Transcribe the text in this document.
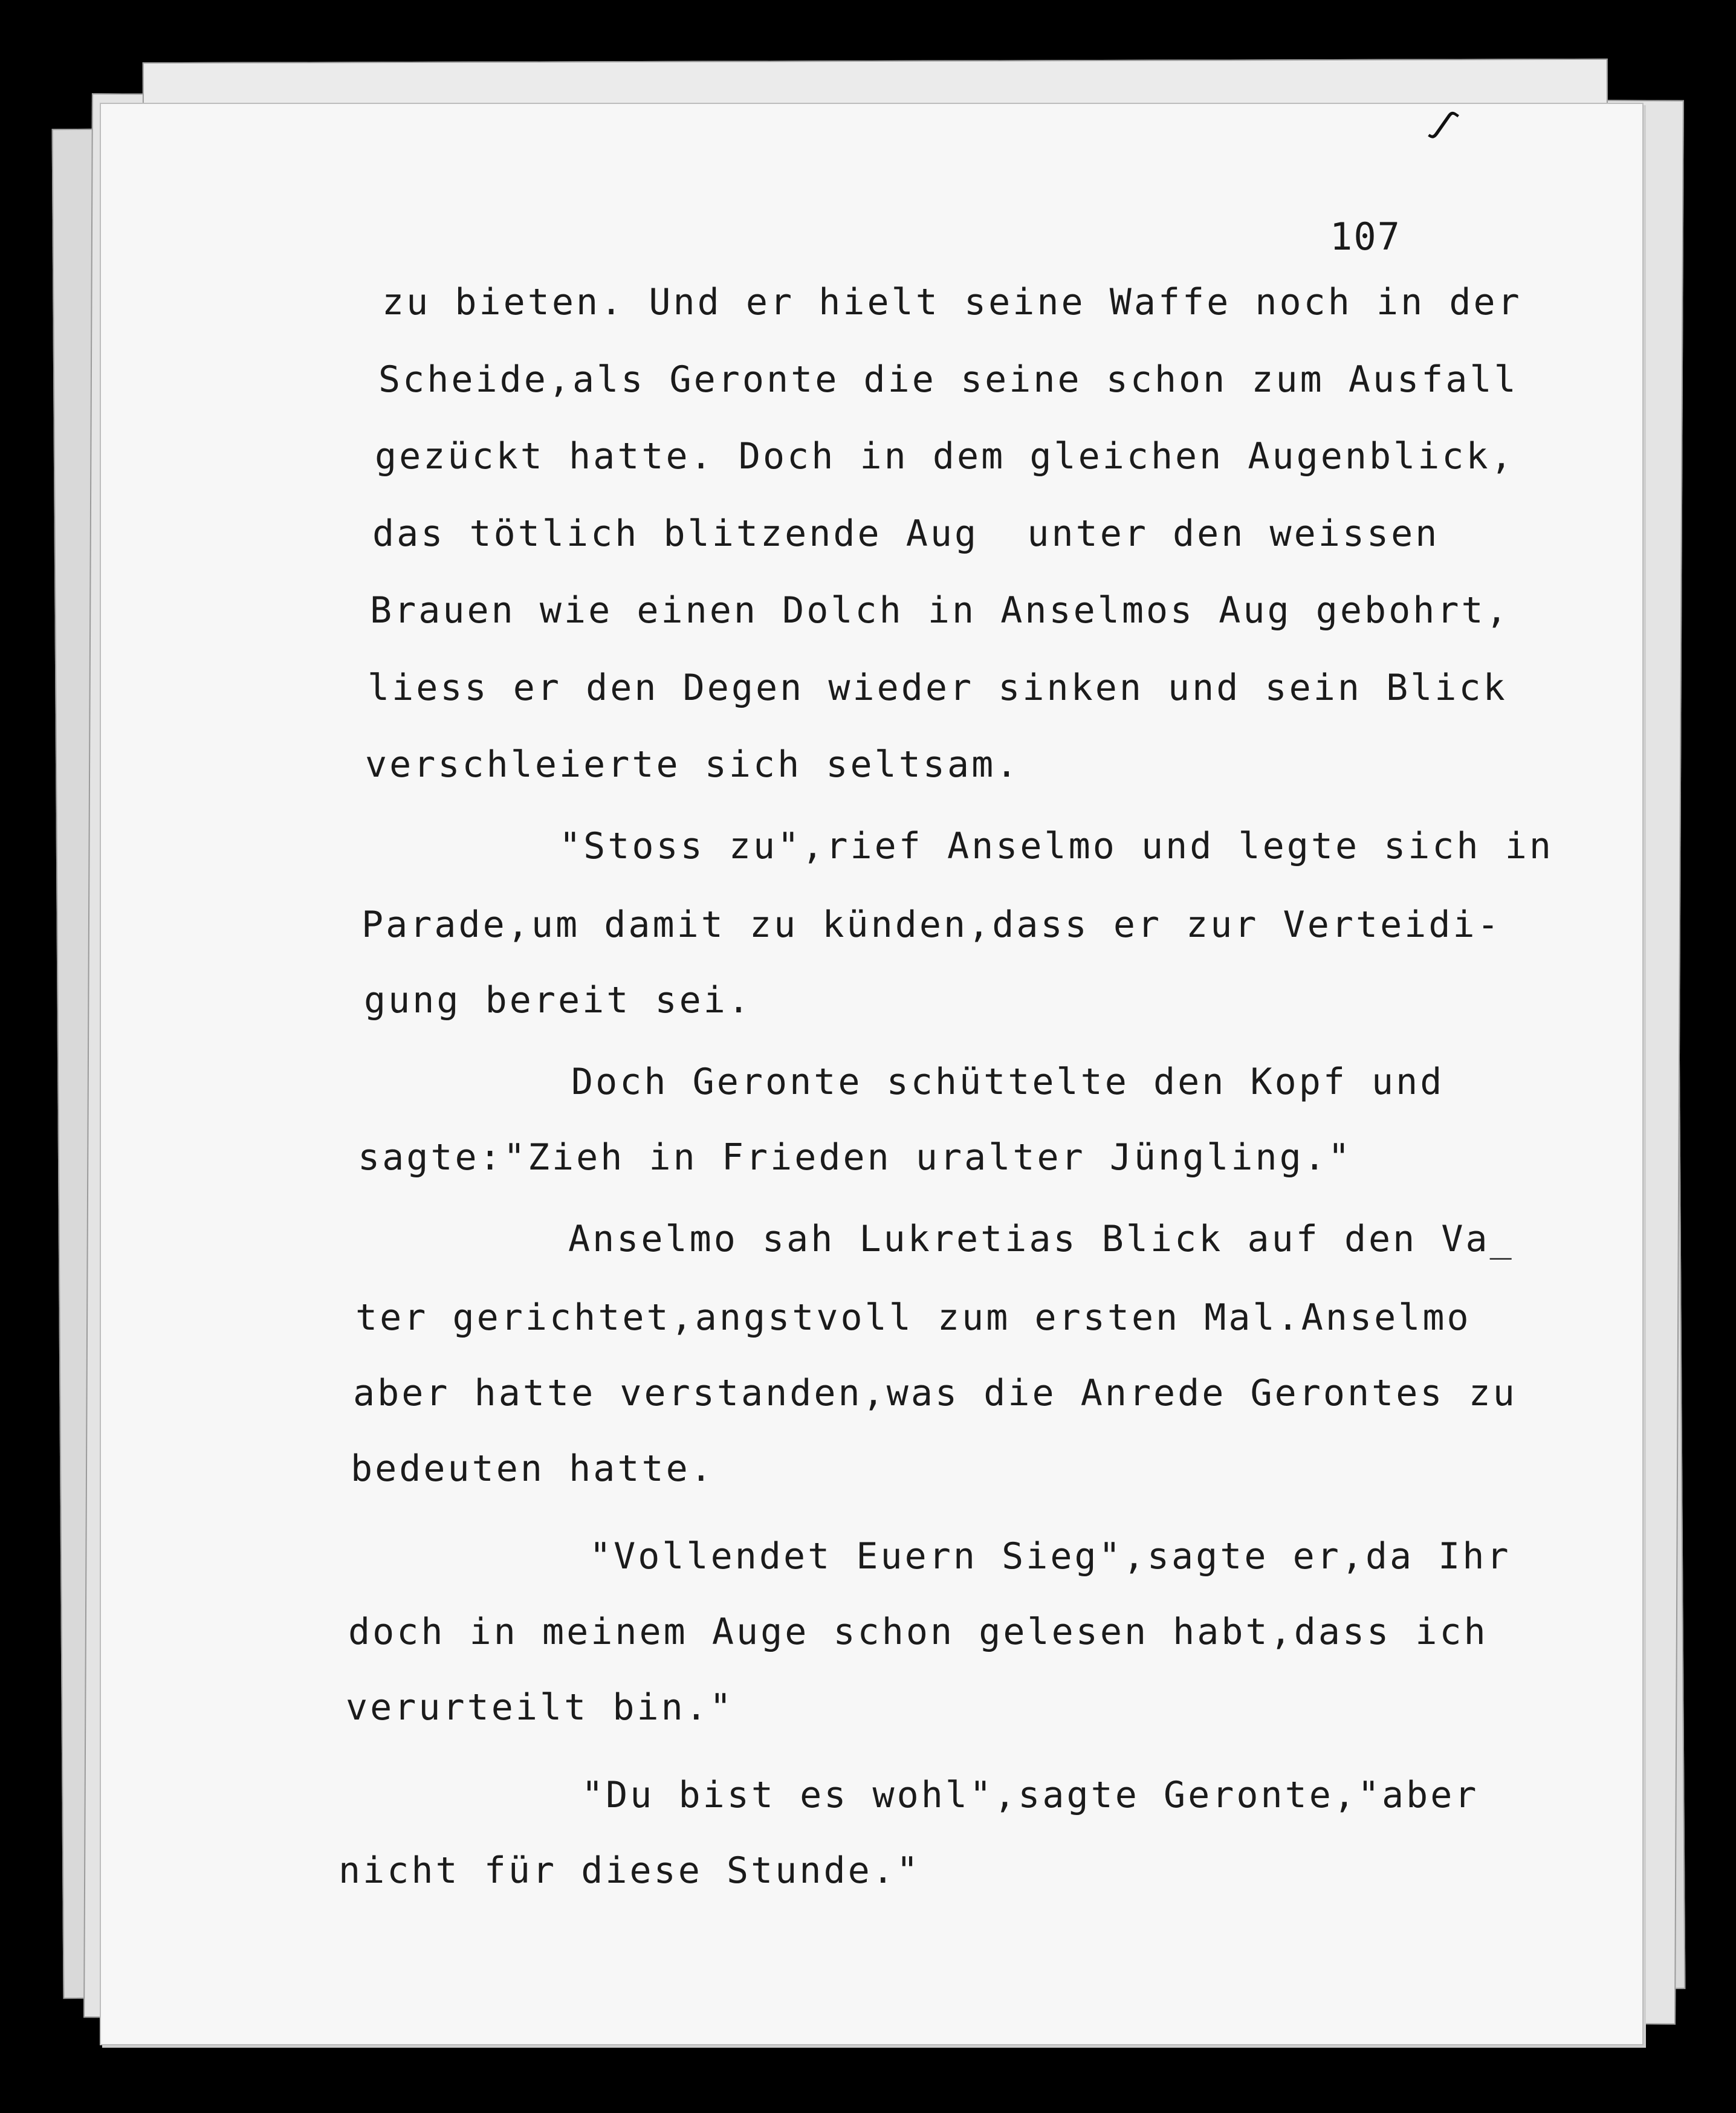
ʃ
107

zu bieten. Und er hielt seine Waffe noch in der

Scheide,als Geronte die seine schon zum Ausfall

gezückt hatte. Doch in dem gleichen Augenblick,

das tötlich blitzende Aug  unter den weissen

Brauen wie einen Dolch in Anselmos Aug gebohrt,

liess er den Degen wieder sinken und sein Blick

verschleierte sich seltsam.

"Stoss zu",rief Anselmo und legte sich in

Parade,um damit zu künden,dass er zur Verteidi-

gung bereit sei.

Doch Geronte schüttelte den Kopf und

sagte:"Zieh in Frieden uralter Jüngling."

Anselmo sah Lukretias Blick auf den Va_

ter gerichtet,angstvoll zum ersten Mal.Anselmo

aber hatte verstanden,was die Anrede Gerontes zu

bedeuten hatte.

"Vollendet Euern Sieg",sagte er,da Ihr

doch in meinem Auge schon gelesen habt,dass ich

verurteilt bin."

"Du bist es wohl",sagte Geronte,"aber

nicht für diese Stunde."
